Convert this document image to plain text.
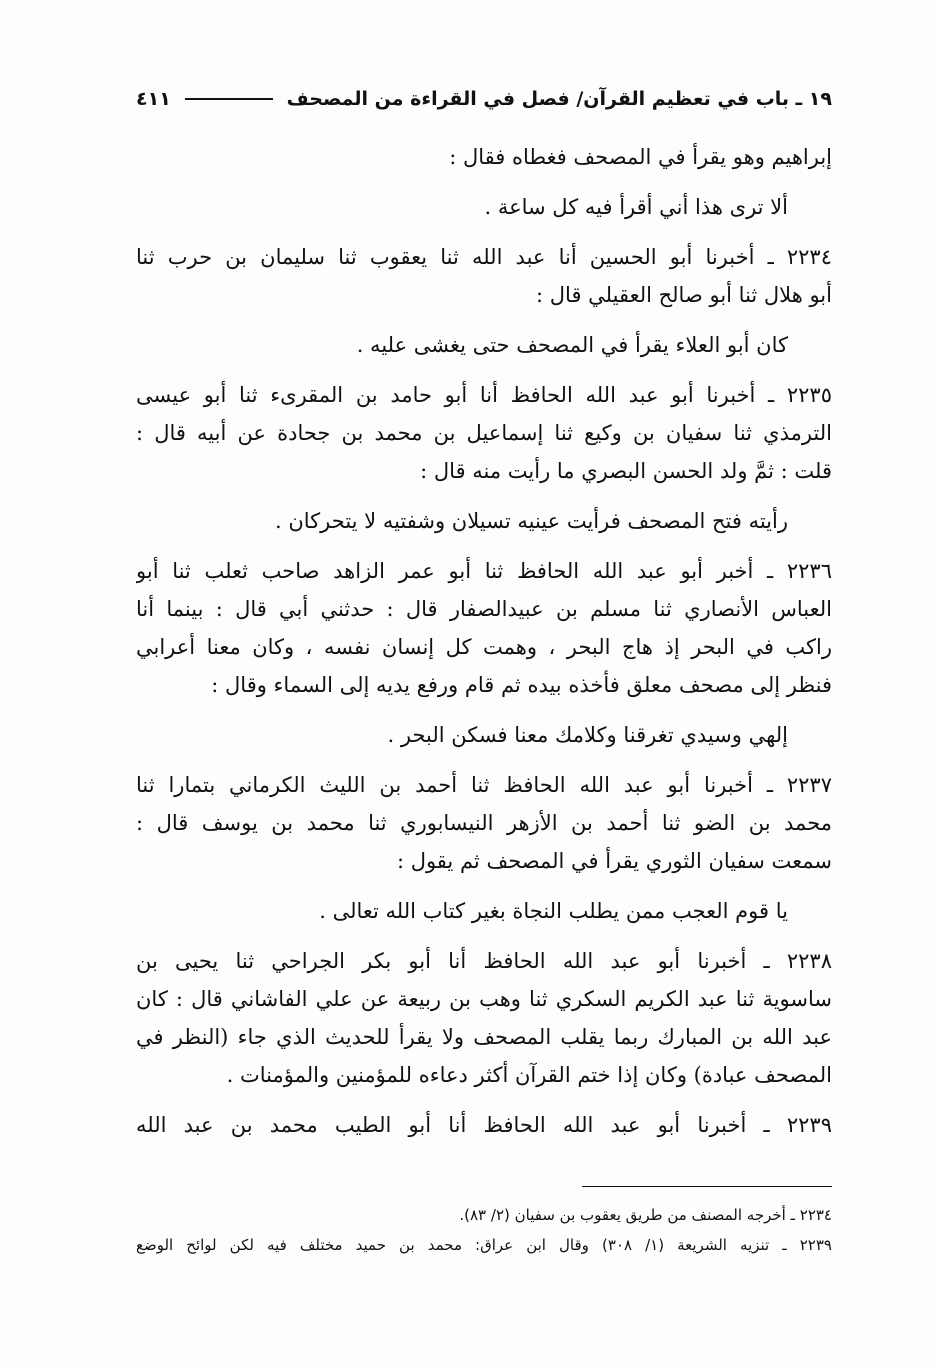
١٩ ـ باب في تعظيم القرآن/ فصل في القراءة من المصحف
٤١١
إبراهيم وهو يقرأ في المصحف فغطاه فقال :
ألا ترى هذا أني أقرأ فيه كل ساعة .
٢٢٣٤ ـ أخبرنا أبو الحسين أنا عبد الله ثنا يعقوب ثنا سليمان بن حرب ثنا
أبو هلال ثنا أبو صالح العقيلي قال :
كان أبو العلاء يقرأ في المصحف حتى يغشى عليه .
٢٢٣٥ ـ أخبرنا أبو عبد الله الحافظ أنا أبو حامد بن المقرىء ثنا أبو عيسى
الترمذي ثنا سفيان بن وكيع ثنا إسماعيل بن محمد بن جحادة عن أبيه قال :
قلت : ثمَّ ولد الحسن البصري ما رأيت منه قال :
رأيته فتح المصحف فرأيت عينيه تسيلان وشفتيه لا يتحركان .
٢٢٣٦ ـ أخبر أبو عبد الله الحافظ ثنا أبو عمر الزاهد صاحب ثعلب ثنا أبو
العباس الأنصاري ثنا مسلم بن عبيدالصفار قال : حدثني أبي قال : بينما أنا
راكب في البحر إذ هاج البحر ، وهمت كل إنسان نفسه ، وكان معنا أعرابي
فنظر إلى مصحف معلق فأخذه بيده ثم قام ورفع يديه إلى السماء وقال :
إلهي وسيدي تغرقنا وكلامك معنا فسكن البحر .
٢٢٣٧ ـ أخبرنا أبو عبد الله الحافظ ثنا أحمد بن الليث الكرماني بتمارا ثنا
محمد بن الضو ثنا أحمد بن الأزهر النيسابوري ثنا محمد بن يوسف قال :
سمعت سفيان الثوري يقرأ في المصحف ثم يقول :
يا قوم العجب ممن يطلب النجاة بغير كتاب الله تعالى .
٢٢٣٨ ـ أخبرنا أبو عبد الله الحافظ أنا أبو بكر الجراحي ثنا يحيى بن
ساسوية ثنا عبد الكريم السكري ثنا وهب بن ربيعة عن علي الفاشاني قال : كان
عبد الله بن المبارك ربما يقلب المصحف ولا يقرأ للحديث الذي جاء (النظر في
المصحف عبادة) وكان إذا ختم القرآن أكثر دعاءه للمؤمنين والمؤمنات .
٢٢٣٩ ـ أخبرنا أبو عبد الله الحافظ أنا أبو الطيب محمد بن عبد الله
٢٢٣٤ ـ أخرجه المصنف من طريق يعقوب بن سفيان (٢/ ٨٣).
٢٢٣٩ ـ تنزيه الشريعة (١/ ٣٠٨) وقال ابن عراق: محمد بن حميد مختلف فيه لكن لوائح الوضع
